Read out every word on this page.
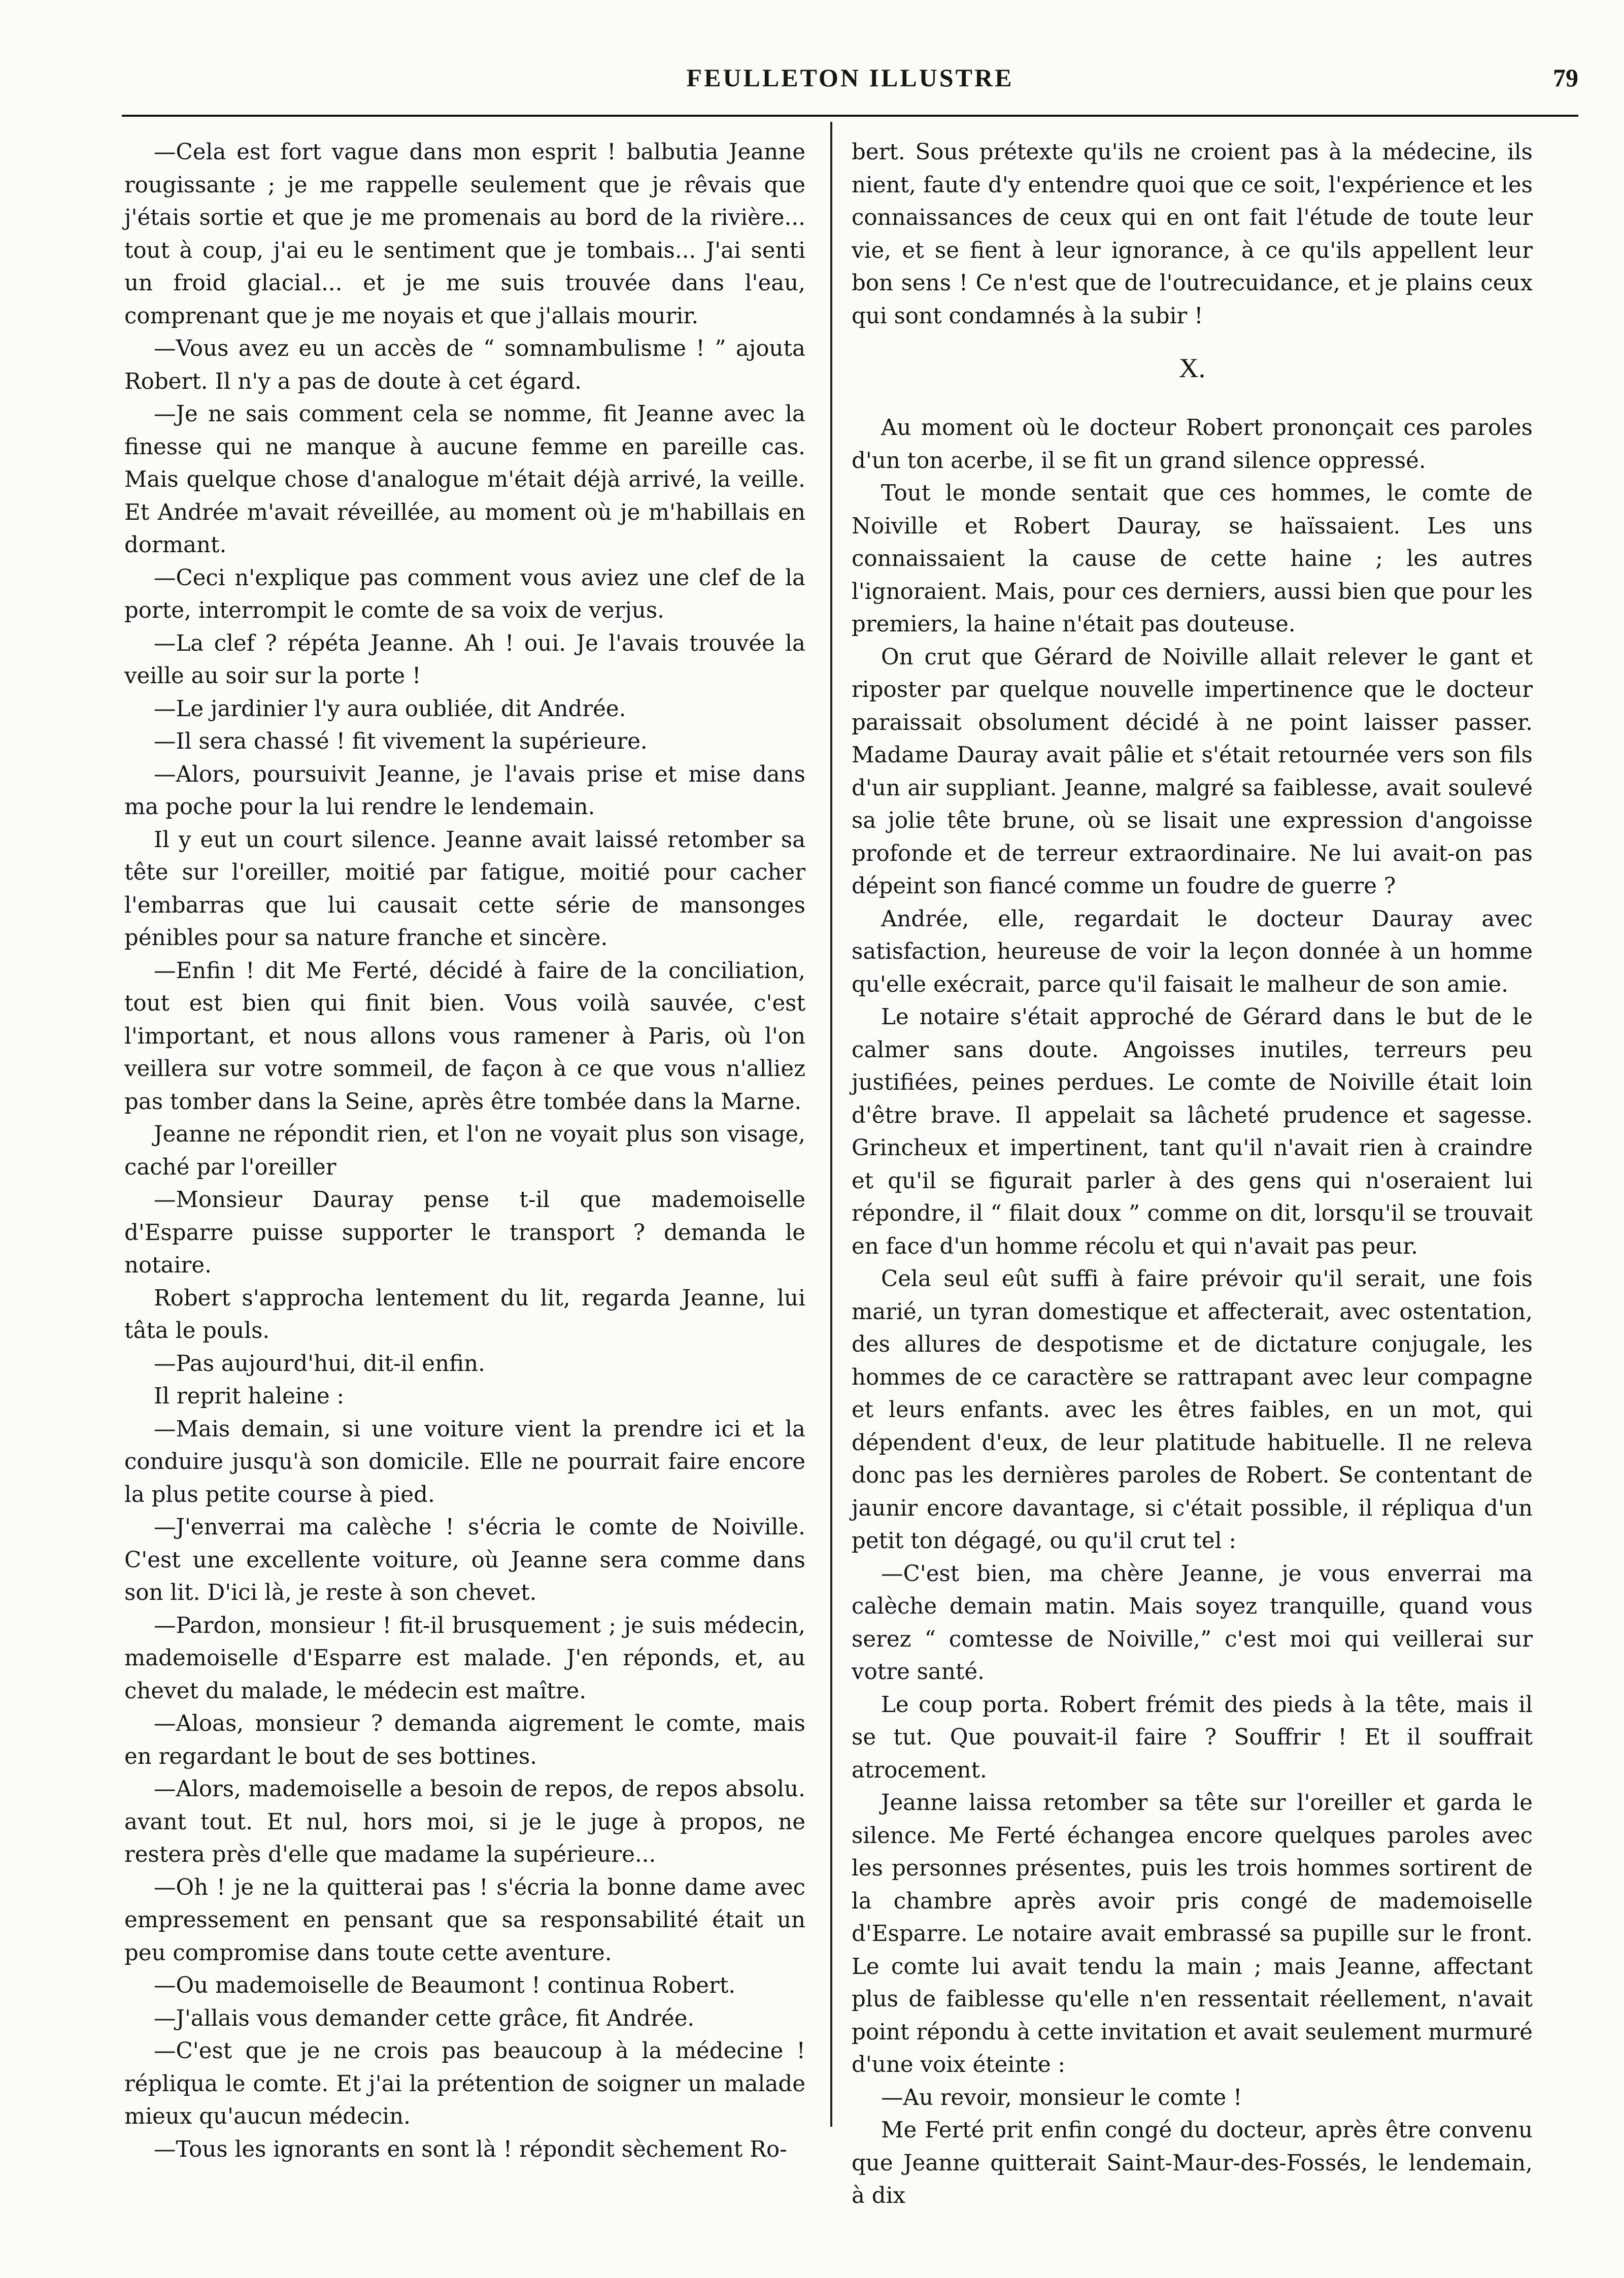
FEULLETON ILLUSTRE	79

—Cela est fort vague dans mon esprit ! balbutia Jeanne rougissante ; je me rappelle seulement que je rêvais que j'étais sortie et que je me promenais au bord de la rivière... tout à coup, j'ai eu le sentiment que je tombais... J'ai senti un froid glacial... et je me suis trouvée dans l'eau, comprenant que je me noyais et que j'allais mourir.

—Vous avez eu un accès de “ somnambulisme ! ” ajouta Robert. Il n'y a pas de doute à cet égard.

—Je ne sais comment cela se nomme, fit Jeanne avec la finesse qui ne manque à aucune femme en pareille cas. Mais quelque chose d'analogue m'était déjà arrivé, la veille. Et Andrée m'avait réveillée, au moment où je m'habillais en dormant.

—Ceci n'explique pas comment vous aviez une clef de la porte, interrompit le comte de sa voix de verjus.

—La clef ? répéta Jeanne. Ah ! oui. Je l'avais trouvée la veille au soir sur la porte !

—Le jardinier l'y aura oubliée, dit Andrée.

—Il sera chassé ! fit vivement la supérieure.

—Alors, poursuivit Jeanne, je l'avais prise et mise dans ma poche pour la lui rendre le lendemain.

Il y eut un court silence. Jeanne avait laissé retomber sa tête sur l'oreiller, moitié par fatigue, moitié pour cacher l'embarras que lui causait cette série de mansonges pénibles pour sa nature franche et sincère.

—Enfin ! dit Me Ferté, décidé à faire de la conciliation, tout est bien qui finit bien. Vous voilà sauvée, c'est l'important, et nous allons vous ramener à Paris, où l'on veillera sur votre sommeil, de façon à ce que vous n'alliez pas tomber dans la Seine, après être tombée dans la Marne.

Jeanne ne répondit rien, et l'on ne voyait plus son visage, caché par l'oreiller

—Monsieur Dauray pense t-il que mademoiselle d'Esparre puisse supporter le transport ? demanda le notaire.

Robert s'approcha lentement du lit, regarda Jeanne, lui tâta le pouls.

—Pas aujourd'hui, dit-il enfin.

Il reprit haleine :

—Mais demain, si une voiture vient la prendre ici et la conduire jusqu'à son domicile. Elle ne pourrait faire encore la plus petite course à pied.

—J'enverrai ma calèche ! s'écria le comte de Noiville. C'est une excellente voiture, où Jeanne sera comme dans son lit. D'ici là, je reste à son chevet.

—Pardon, monsieur ! fit-il brusquement ; je suis médecin, mademoiselle d'Esparre est malade. J'en réponds, et, au chevet du malade, le médecin est maître.

—Aloas, monsieur ? demanda aigrement le comte, mais en regardant le bout de ses bottines.

—Alors, mademoiselle a besoin de repos, de repos absolu. avant tout. Et nul, hors moi, si je le juge à propos, ne restera près d'elle que madame la supérieure...

—Oh ! je ne la quitterai pas ! s'écria la bonne dame avec empressement en pensant que sa responsabilité était un peu compromise dans toute cette aventure.

—Ou mademoiselle de Beaumont ! continua Robert.

—J'allais vous demander cette grâce, fit Andrée.

—C'est que je ne crois pas beaucoup à la médecine ! répliqua le comte. Et j'ai la prétention de soigner un malade mieux qu'aucun médecin.

—Tous les ignorants en sont là ! répondit sèchement Ro-

bert. Sous prétexte qu'ils ne croient pas à la médecine, ils nient, faute d'y entendre quoi que ce soit, l'expérience et les connaissances de ceux qui en ont fait l'étude de toute leur vie, et se fient à leur ignorance, à ce qu'ils appellent leur bon sens ! Ce n'est que de l'outrecuidance, et je plains ceux qui sont condamnés à la subir !

X.

Au moment où le docteur Robert prononçait ces paroles d'un ton acerbe, il se fit un grand silence oppressé.

Tout le monde sentait que ces hommes, le comte de Noiville et Robert Dauray, se haïssaient. Les uns connaissaient la cause de cette haine ; les autres l'ignoraient. Mais, pour ces derniers, aussi bien que pour les premiers, la haine n'était pas douteuse.

On crut que Gérard de Noiville allait relever le gant et riposter par quelque nouvelle impertinence que le docteur paraissait obsolument décidé à ne point laisser passer. Madame Dauray avait pâlie et s'était retournée vers son fils d'un air suppliant. Jeanne, malgré sa faiblesse, avait soulevé sa jolie tête brune, où se lisait une expression d'angoisse profonde et de terreur extraordinaire. Ne lui avait-on pas dépeint son fiancé comme un foudre de guerre ?

Andrée, elle, regardait le docteur Dauray avec satisfaction, heureuse de voir la leçon donnée à un homme qu'elle exécrait, parce qu'il faisait le malheur de son amie.

Le notaire s'était approché de Gérard dans le but de le calmer sans doute. Angoisses inutiles, terreurs peu justifiées, peines perdues. Le comte de Noiville était loin d'être brave. Il appelait sa lâcheté prudence et sagesse. Grincheux et impertinent, tant qu'il n'avait rien à craindre et qu'il se figurait parler à des gens qui n'oseraient lui répondre, il “ filait doux ” comme on dit, lorsqu'il se trouvait en face d'un homme récolu et qui n'avait pas peur.

Cela seul eût suffi à faire prévoir qu'il serait, une fois marié, un tyran domestique et affecterait, avec ostentation, des allures de despotisme et de dictature conjugale, les hommes de ce caractère se rattrapant avec leur compagne et leurs enfants. avec les êtres faibles, en un mot, qui dépendent d'eux, de leur platitude habituelle. Il ne releva donc pas les dernières paroles de Robert. Se contentant de jaunir encore davantage, si c'était possible, il répliqua d'un petit ton dégagé, ou qu'il crut tel :

—C'est bien, ma chère Jeanne, je vous enverrai ma calèche demain matin. Mais soyez tranquille, quand vous serez “ comtesse de Noiville,” c'est moi qui veillerai sur votre santé.

Le coup porta. Robert frémit des pieds à la tête, mais il se tut. Que pouvait-il faire ? Souffrir ! Et il souffrait atrocement.

Jeanne laissa retomber sa tête sur l'oreiller et garda le silence. Me Ferté échangea encore quelques paroles avec les personnes présentes, puis les trois hommes sortirent de la chambre après avoir pris congé de mademoiselle d'Esparre. Le notaire avait embrassé sa pupille sur le front. Le comte lui avait tendu la main ; mais Jeanne, affectant plus de faiblesse qu'elle n'en ressentait réellement, n'avait point répondu à cette invitation et avait seulement murmuré d'une voix éteinte :

—Au revoir, monsieur le comte !

Me Ferté prit enfin congé du docteur, après être convenu que Jeanne quitterait Saint-Maur-des-Fossés, le lendemain, à dix
